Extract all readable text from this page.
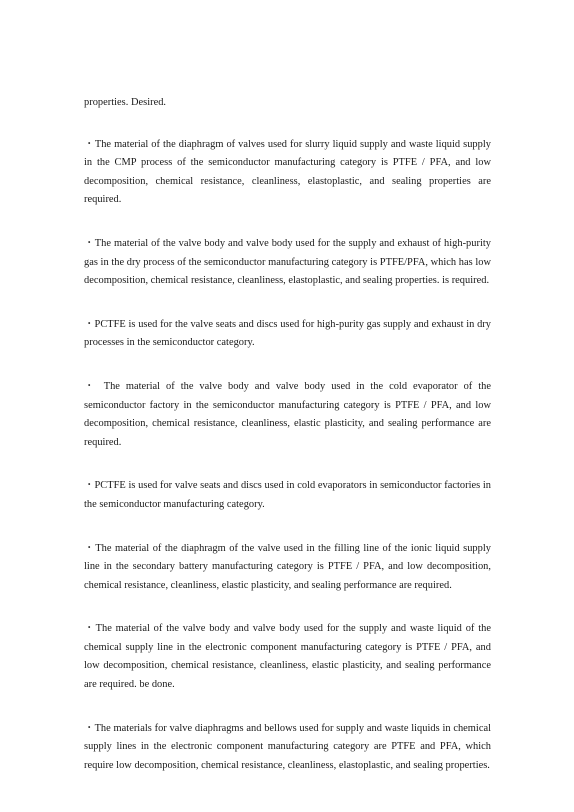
properties. Desired.

・The material of the diaphragm of valves used for slurry liquid supply and waste liquid supply in the CMP process of the semiconductor manufacturing category is PTFE / PFA, and low decomposition, chemical resistance, cleanliness, elastoplastic, and sealing properties are required.

・The material of the valve body and valve body used for the supply and exhaust of high-purity gas in the dry process of the semiconductor manufacturing category is PTFE/PFA, which has low decomposition, chemical resistance, cleanliness, elastoplastic, and sealing properties. is required.

・PCTFE is used for the valve seats and discs used for high-purity gas supply and exhaust in dry processes in the semiconductor category.

・ The material of the valve body and valve body used in the cold evaporator of the semiconductor factory in the semiconductor manufacturing category is PTFE / PFA, and low decomposition, chemical resistance, cleanliness, elastic plasticity, and sealing performance are required.

・PCTFE is used for valve seats and discs used in cold evaporators in semiconductor factories in the semiconductor manufacturing category.

・The material of the diaphragm of the valve used in the filling line of the ionic liquid supply line in the secondary battery manufacturing category is PTFE / PFA, and low decomposition, chemical resistance, cleanliness, elastic plasticity, and sealing performance are required.

・The material of the valve body and valve body used for the supply and waste liquid of the chemical supply line in the electronic component manufacturing category is PTFE / PFA, and low decomposition, chemical resistance, cleanliness, elastic plasticity, and sealing performance are required. be done.

・The materials for valve diaphragms and bellows used for supply and waste liquids in chemical supply lines in the electronic component manufacturing category are PTFE and PFA, which require low decomposition, chemical resistance, cleanliness, elastoplastic, and sealing properties.
